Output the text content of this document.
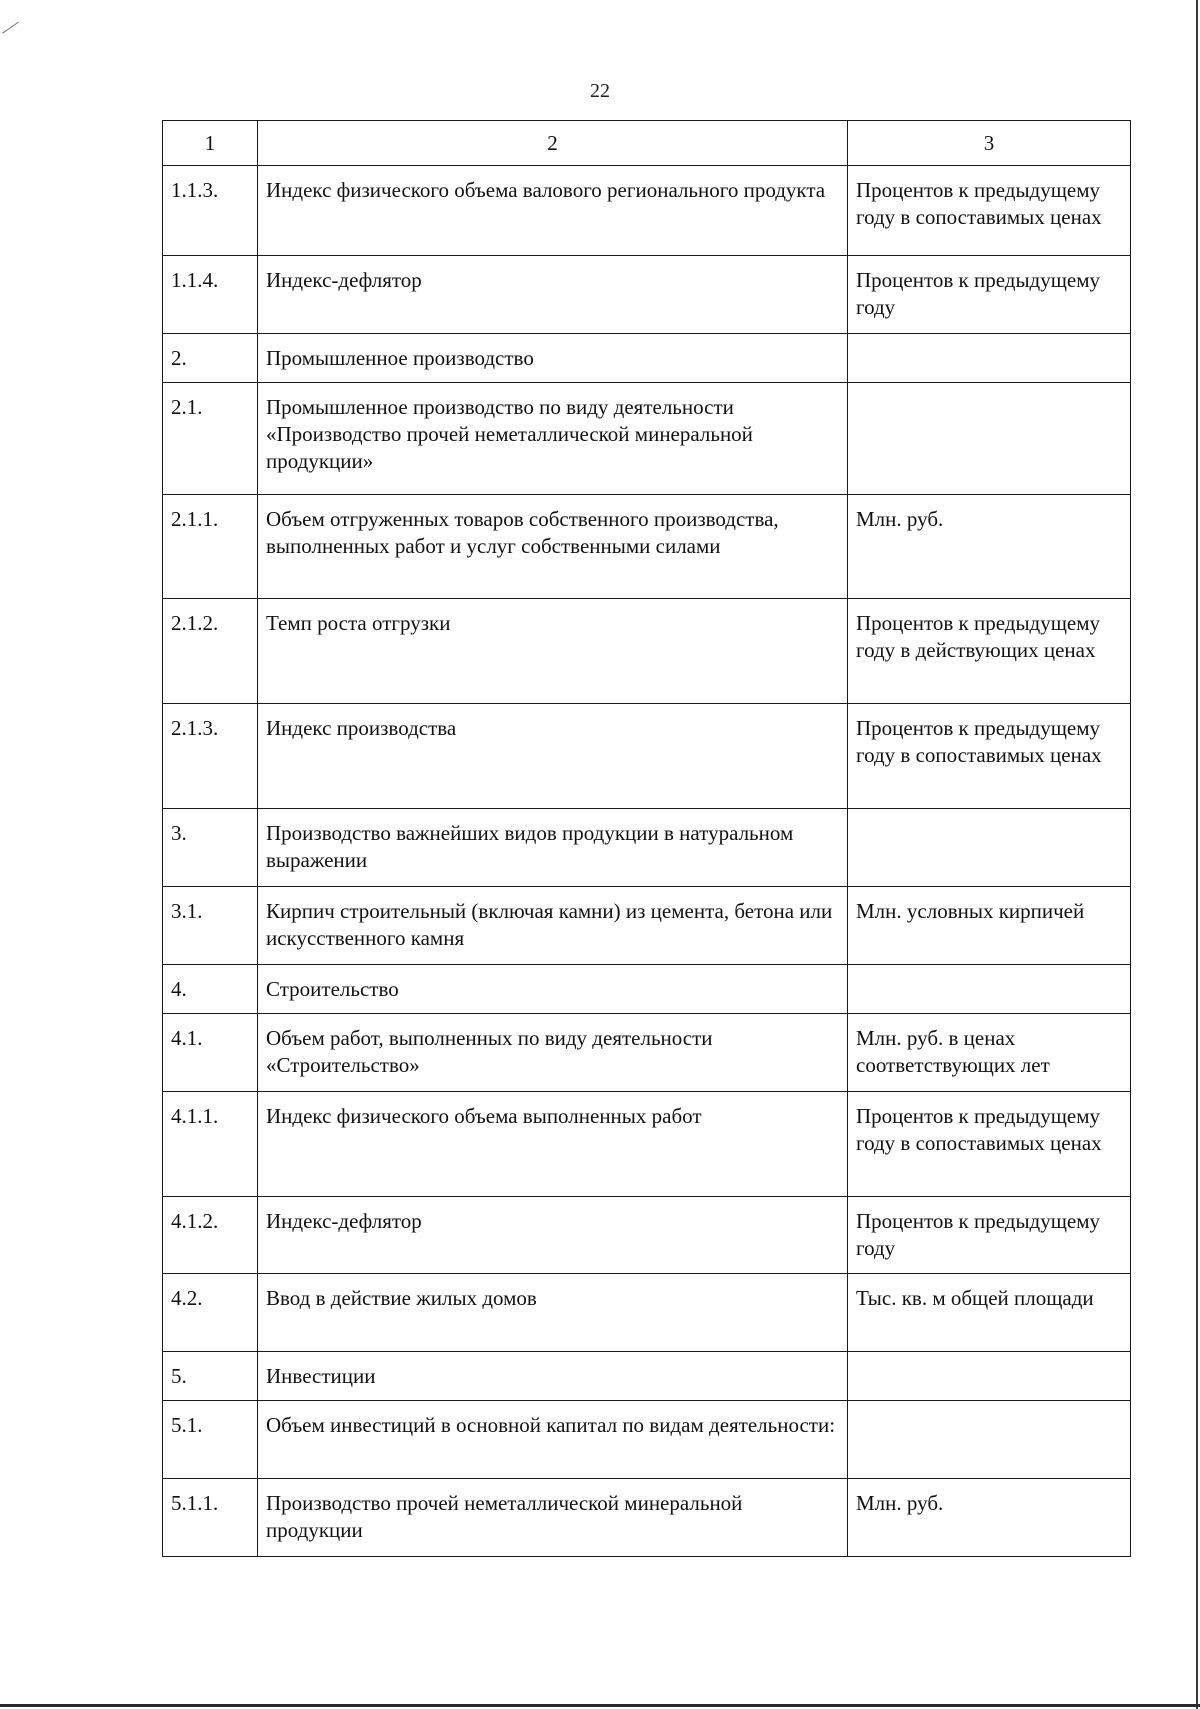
22
1	2	3
1.1.3.	Индекс физического объема валового регионального продукта	Процентов к предыдущему году в сопоставимых ценах
1.1.4.	Индекс-дефлятор	Процентов к предыдущему году
2.	Промышленное производство	
2.1.	Промышленное производство по виду деятельности «Производство прочей неметаллической минеральной продукции»	
2.1.1.	Объем отгруженных товаров собственного производства, выполненных работ и услуг собственными силами	Млн. руб.
2.1.2.	Темп роста отгрузки	Процентов к предыдущему году в действующих ценах
2.1.3.	Индекс производства	Процентов к предыдущему году в сопоставимых ценах
3.	Производство важнейших видов продукции в натуральном выражении	
3.1.	Кирпич строительный (включая камни) из цемента, бетона или искусственного камня	Млн. условных кирпичей
4.	Строительство	
4.1.	Объем работ, выполненных по виду деятельности «Строительство»	Млн. руб. в ценах соответствующих лет
4.1.1.	Индекс физического объема выполненных работ	Процентов к предыдущему году в сопоставимых ценах
4.1.2.	Индекс-дефлятор	Процентов к предыдущему году
4.2.	Ввод в действие жилых домов	Тыс. кв. м общей площади
5.	Инвестиции	
5.1.	Объем инвестиций в основной капитал по видам деятельности:	
5.1.1.	Производство прочей неметаллической минеральной продукции	Млн. руб.
